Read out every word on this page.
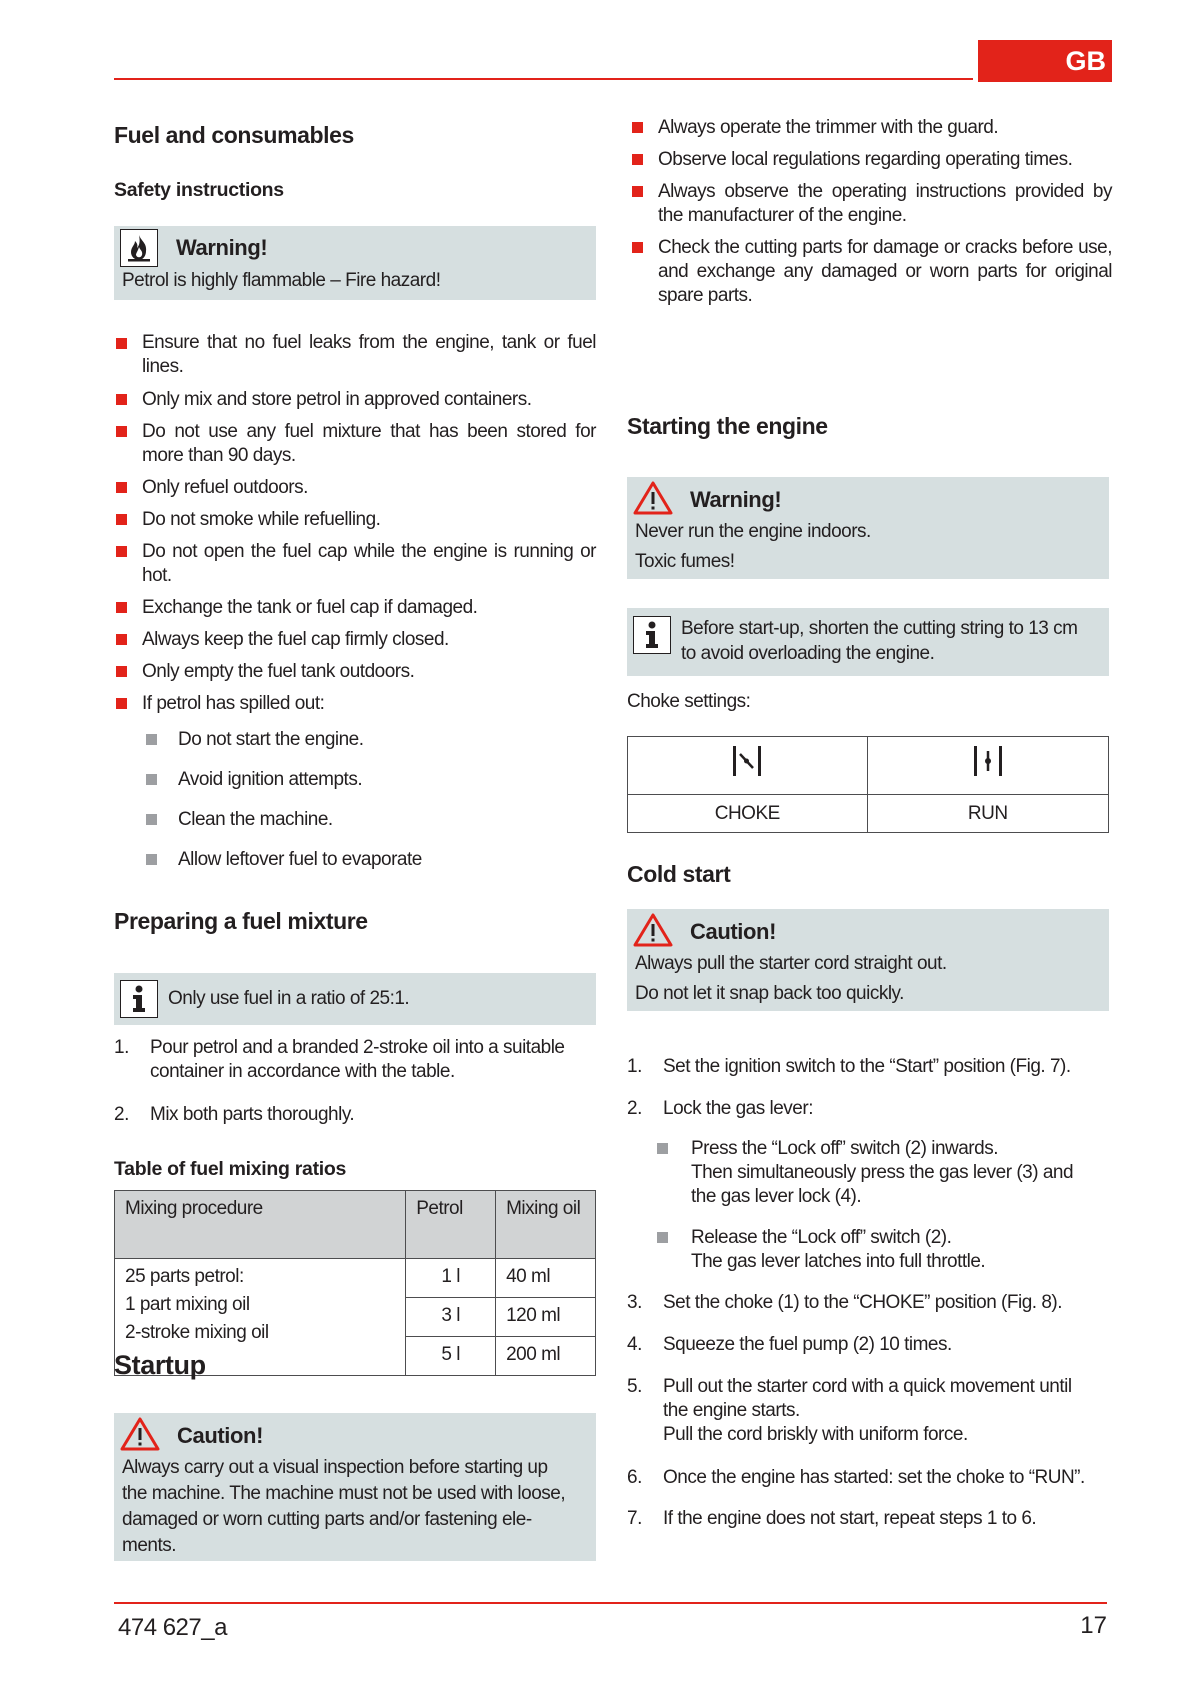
GB
Fuel and consumables
Safety instructions
Warning!
Petrol is highly flammable – Fire hazard!
Ensure that no fuel leaks from the engine, tank or fuel lines.
Only mix and store petrol in approved containers.
Do not use any fuel mixture that has been stored for more than 90 days.
Only refuel outdoors.
Do not smoke while refuelling.
Do not open the fuel cap while the engine is running or hot.
Exchange the tank or fuel cap if damaged.
Always keep the fuel cap firmly closed.
Only empty the fuel tank outdoors.
If petrol has spilled out:
Do not start the engine.
Avoid ignition attempts.
Clean the machine.
Allow leftover fuel to evaporate
Preparing a fuel mixture
Only use fuel in a ratio of 25:1.
1. Pour petrol and a branded 2-stroke oil into a suitable container in accordance with the table.
2. Mix both parts thoroughly.
Table of fuel mixing ratios
Mixing procedure	Petrol	Mixing oil

25 parts petrol:
1 part mixing oil
2-stroke mixing oil	1 l	40 ml
	3 l	120 ml
	5 l	200 ml
Startup
Caution!
Always carry out a visual inspection before starting up
the machine. The machine must not be used with loose,
damaged or worn cutting parts and/or fastening ele-
ments.
Always operate the trimmer with the guard.
Observe local regulations regarding operating times.
Always observe the operating instructions provided by the manufacturer of the engine.
Check the cutting parts for damage or cracks before use, and exchange any damaged or worn parts for original spare parts.
Starting the engine
Warning!
Never run the engine indoors.
Toxic fumes!
Before start-up, shorten the cutting string to 13 cm
to avoid overloading the engine.
Choke settings:

CHOKE	RUN
Cold start
Caution!
Always pull the starter cord straight out.
Do not let it snap back too quickly.
1. Set the ignition switch to the “Start” position (Fig. 7).
2. Lock the gas lever:
Press the “Lock off” switch (2) inwards.
Then simultaneously press the gas lever (3) and
the gas lever lock (4).
Release the “Lock off” switch (2).
The gas lever latches into full throttle.
3. Set the choke (1) to the “CHOKE” position (Fig. 8).
4. Squeeze the fuel pump (2) 10 times.
5. Pull out the starter cord with a quick movement until
the engine starts.
Pull the cord briskly with uniform force.
6. Once the engine has started: set the choke to “RUN”.
7. If the engine does not start, repeat steps 1 to 6.
474 627_a	17
